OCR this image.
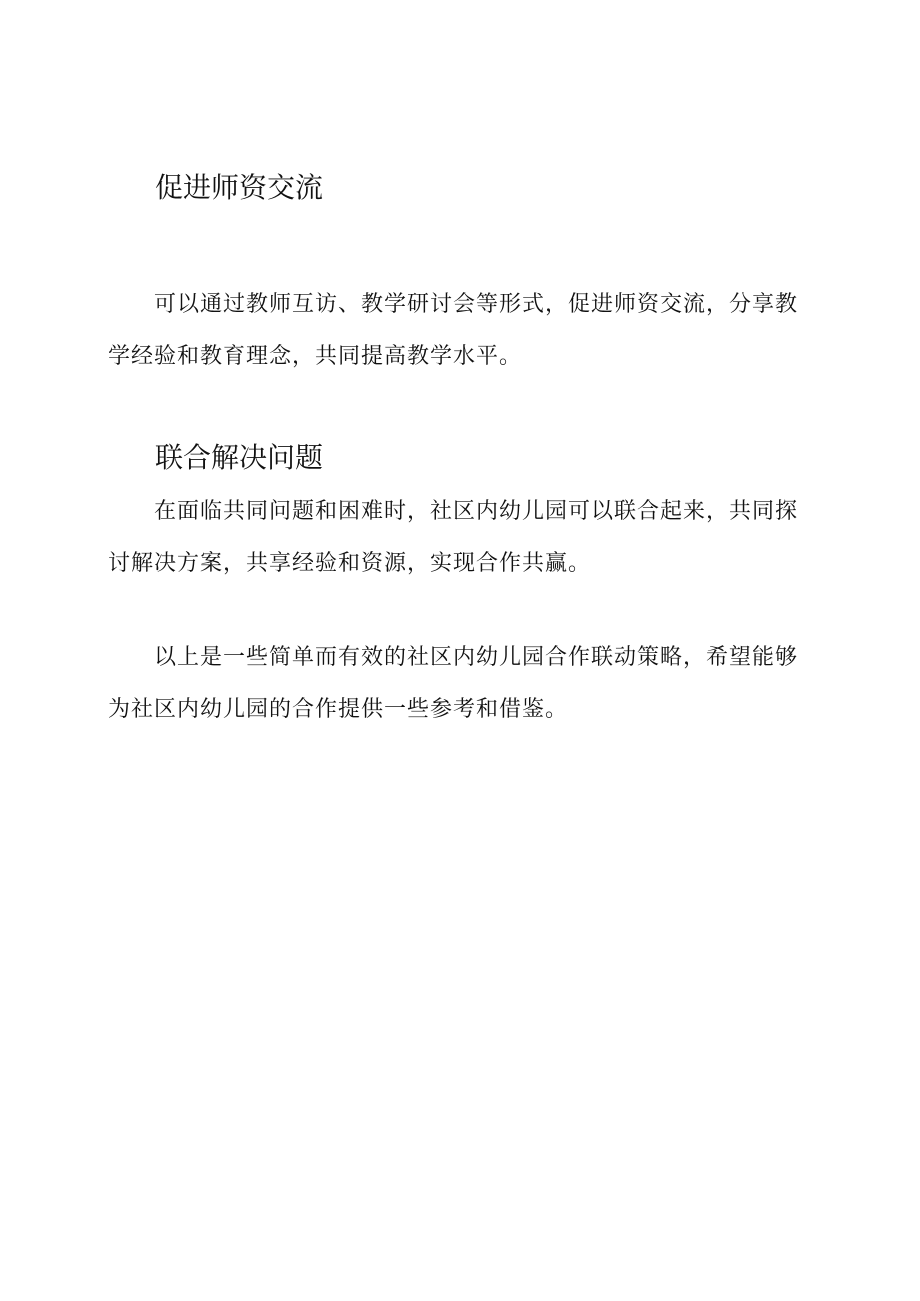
促进师资交流

可以通过教师互访、教学研讨会等形式，促进师资交流，分享教学经验和教育理念，共同提高教学水平。

联合解决问题

在面临共同问题和困难时，社区内幼儿园可以联合起来，共同探讨解决方案，共享经验和资源，实现合作共赢。

以上是一些简单而有效的社区内幼儿园合作联动策略，希望能够为社区内幼儿园的合作提供一些参考和借鉴。
